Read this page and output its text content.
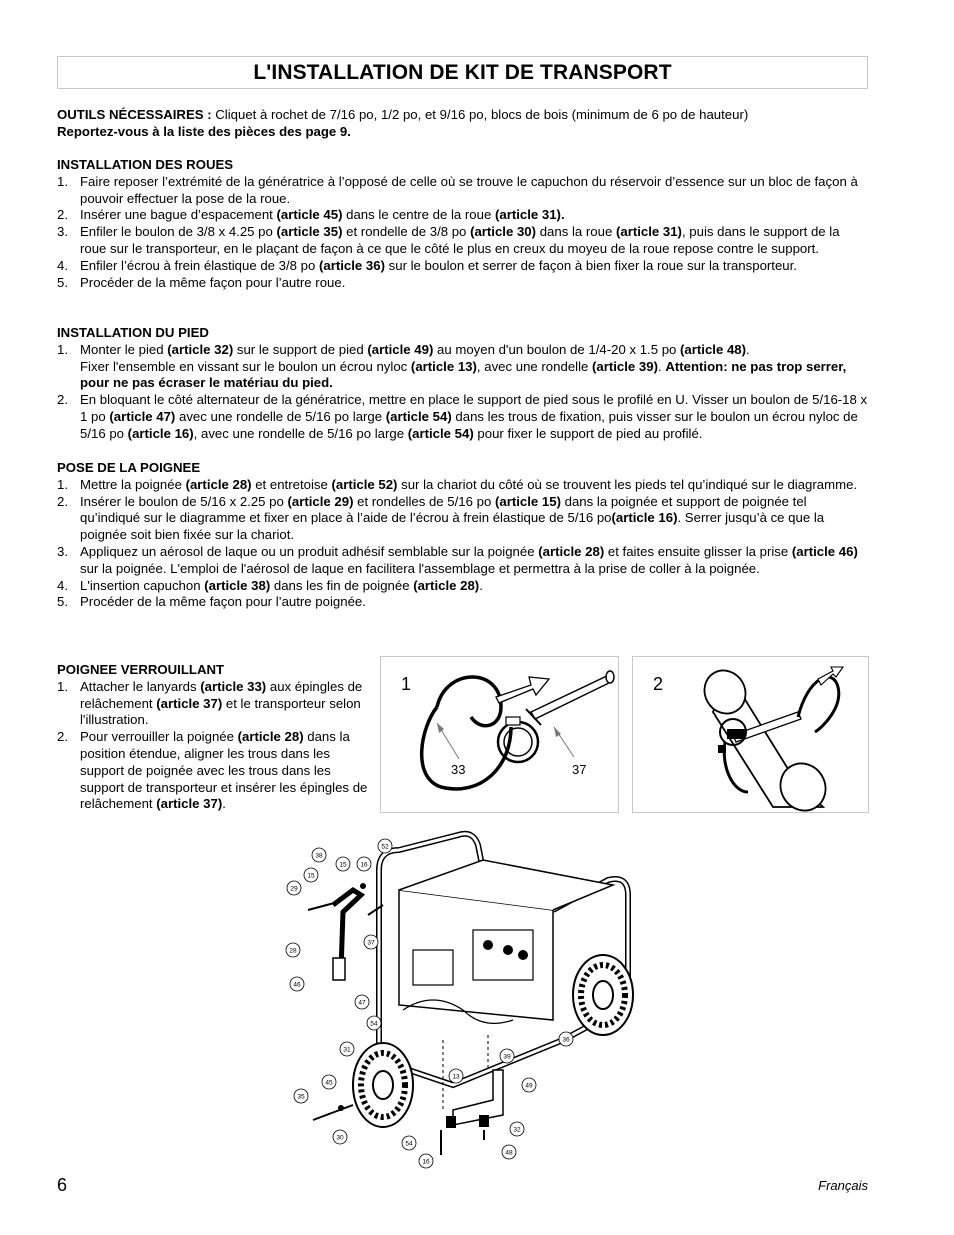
L'INSTALLATION DE KIT DE TRANSPORT
OUTILS NÉCESSAIRES : Cliquet à rochet de 7/16 po, 1/2 po, et 9/16 po, blocs de bois (minimum de 6 po de hauteur)
Reportez-vous à la liste des pièces des page 9.

INSTALLATION DES ROUES

1. Faire reposer l’extrémité de la génératrice à l’opposé de celle où se trouve le capuchon du réservoir d’essence sur un bloc de façon à pouvoir effectuer la pose de la roue.
2. Insérer une bague d’espacement (article 45) dans le centre de la roue (article 31).
3. Enfiler le boulon de 3/8 x 4.25 po (article 35) et rondelle de 3/8 po (article 30) dans la roue (article 31), puis dans le support de la roue sur le transporteur, en le plaçant de façon à ce que le côté le plus en creux du moyeu de la roue repose contre le support.
4. Enfiler l’écrou à frein élastique de 3/8 po (article 36) sur le boulon et serrer de façon à bien fixer la roue sur la transporteur.
5. Procéder de la même façon pour l’autre roue.

INSTALLATION DU PIED

1. Monter le pied (article 32) sur le support de pied (article 49) au moyen d'un boulon de 1/4-20 x 1.5 po (article 48).
Fixer l'ensemble en vissant sur le boulon un écrou nyloc (article 13), avec une rondelle (article 39). Attention: ne pas trop serrer, pour ne pas écraser le matériau du pied.
2. En bloquant le côté alternateur de la génératrice, mettre en place le support de pied sous le profilé en U. Visser un boulon de 5/16-18 x 1 po (article 47) avec une rondelle de 5/16 po large (article 54) dans les trous de fixation, puis visser sur le boulon un écrou nyloc de 5/16 po (article 16), avec une rondelle de 5/16 po large (article 54) pour fixer le support de pied au profilé.

POSE DE LA POIGNEE

1. Mettre la poignée (article 28) et entretoise (article 52) sur la chariot du côté où se trouvent les pieds tel qu’indiqué sur le diagramme.
2. Insérer le boulon de 5/16 x 2.25 po (article 29) et rondelles de 5/16 po (article 15) dans la poignée et support de poignée tel qu’indiqué sur le diagramme et fixer en place à l’aide de l’écrou à frein élastique de 5/16 po(article 16). Serrer jusqu’à ce que la poignée soit bien fixée sur la chariot.
3. Appliquez un aérosol de laque ou un produit adhésif semblable sur la poignée (article 28) et faites ensuite glisser la prise (article 46) sur la poignée. L'emploi de l'aérosol de laque en facilitera l'assemblage et permettra à la prise de coller à la poignée.
4. L'insertion capuchon (article 38) dans les fin de poignée (article 28).
5. Procéder de la même façon pour l’autre poignée.

POIGNEE VERROUILLANT

1. Attacher le lanyards (article 33) aux épingles de relâchement (article 37) et le transporteur selon l'illustration.
2. Pour verrouiller la poignée (article 28) dans la position étendue, aligner les trous dans les support de poignée avec les trous dans les support de transporteur et insérer les épingles de relâchement (article 37).
1
33	37
2
38
15
16
29
15
28
46
52
37
47
54
31
45
35
30
36
13
39
49
54
16
32
48
6	Français
